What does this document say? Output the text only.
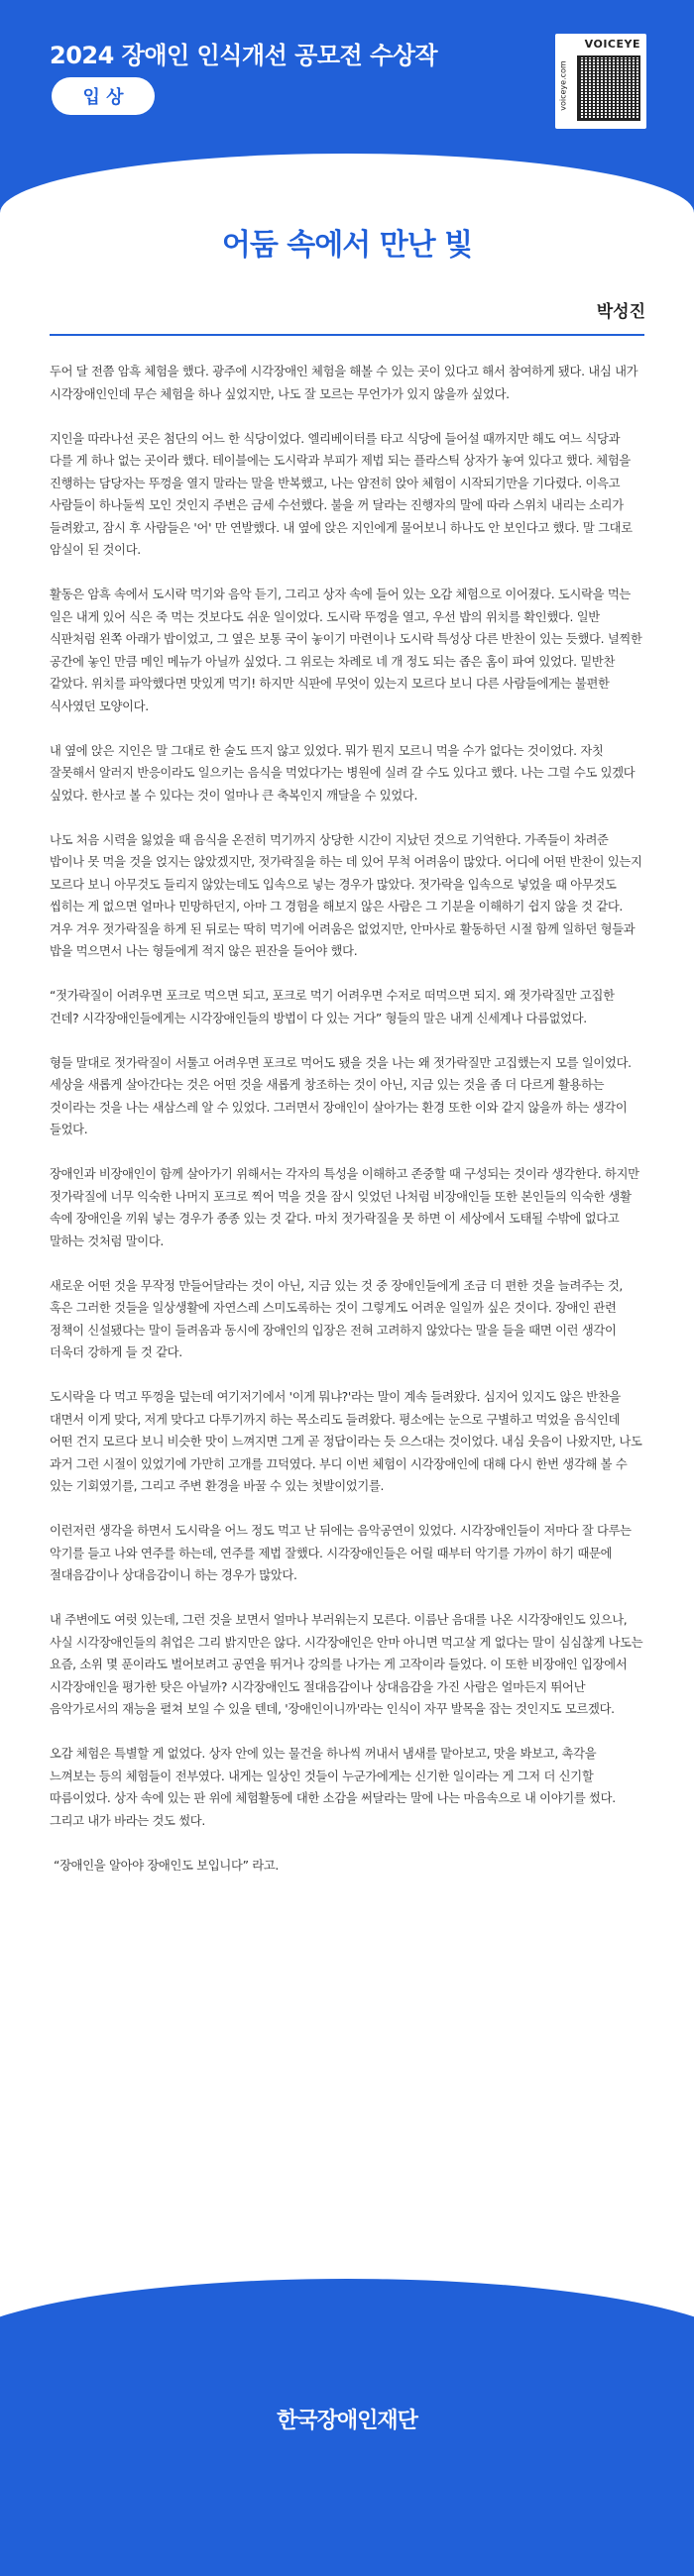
2024 장애인 인식개선 공모전 수상작
입 상
VOICEYE
voiceye.com
어둠 속에서 만난 빛
박성진

두어 달 전쯤 암흑 체험을 했다. 광주에 시각장애인 체험을 해볼 수 있는 곳이 있다고 해서 참여하게 됐다. 내심 내가 시각장애인인데 무슨 체험을 하나 싶었지만, 나도 잘 모르는 무언가가 있지 않을까 싶었다.

지인을 따라나선 곳은 첨단의 어느 한 식당이었다. 엘리베이터를 타고 식당에 들어설 때까지만 해도 여느 식당과 다를 게 하나 없는 곳이라 했다. 테이블에는 도시락과 부피가 제법 되는 플라스틱 상자가 놓여 있다고 했다. 체험을 진행하는 담당자는 뚜껑을 열지 말라는 말을 반복했고, 나는 얌전히 앉아 체험이 시작되기만을 기다렸다. 이윽고 사람들이 하나둘씩 모인 것인지 주변은 금세 수선했다. 불을 꺼 달라는 진행자의 말에 따라 스위치 내리는 소리가 들려왔고, 잠시 후 사람들은 '어' 만 연발했다. 내 옆에 앉은 지인에게 물어보니 하나도 안 보인다고 했다. 말 그대로 암실이 된 것이다.

활동은 암흑 속에서 도시락 먹기와 음악 듣기, 그리고 상자 속에 들어 있는 오감 체험으로 이어졌다. 도시락을 먹는 일은 내게 있어 식은 죽 먹는 것보다도 쉬운 일이었다. 도시락 뚜껑을 열고, 우선 밥의 위치를 확인했다. 일반 식판처럼 왼쪽 아래가 밥이었고, 그 옆은 보통 국이 놓이기 마련이나 도시락 특성상 다른 반찬이 있는 듯했다. 널찍한 공간에 놓인 만큼 메인 메뉴가 아닐까 싶었다. 그 위로는 차례로 네 개 정도 되는 좁은 홈이 파여 있었다. 밑반찬 같았다. 위치를 파악했다면 맛있게 먹기! 하지만 식판에 무엇이 있는지 모르다 보니 다른 사람들에게는 불편한 식사였던 모양이다.

내 옆에 앉은 지인은 말 그대로 한 술도 뜨지 않고 있었다. 뭐가 뭔지 모르니 먹을 수가 없다는 것이었다. 자칫 잘못해서 알러지 반응이라도 일으키는 음식을 먹었다가는 병원에 실려 갈 수도 있다고 했다. 나는 그럴 수도 있겠다 싶었다. 한사코 볼 수 있다는 것이 얼마나 큰 축복인지 깨달을 수 있었다.

나도 처음 시력을 잃었을 때 음식을 온전히 먹기까지 상당한 시간이 지났던 것으로 기억한다. 가족들이 차려준 밥이나 못 먹을 것을 얹지는 않았겠지만, 젓가락질을 하는 데 있어 무척 어려움이 많았다. 어디에 어떤 반찬이 있는지 모르다 보니 아무것도 들리지 않았는데도 입속으로 넣는 경우가 많았다. 젓가락을 입속으로 넣었을 때 아무것도 씹히는 게 없으면 얼마나 민망하던지, 아마 그 경험을 해보지 않은 사람은 그 기분을 이해하기 쉽지 않을 것 같다. 겨우 겨우 젓가락질을 하게 된 뒤로는 딱히 먹기에 어려움은 없었지만, 안마사로 활동하던 시절 함께 일하던 형들과 밥을 먹으면서 나는 형들에게 적지 않은 핀잔을 들어야 했다.

“젓가락질이 어려우면 포크로 먹으면 되고, 포크로 먹기 어려우면 수저로 떠먹으면 되지. 왜 젓가락질만 고집한 건데? 시각장애인들에게는 시각장애인들의 방법이 다 있는 거다” 형들의 말은 내게 신세계나 다름없었다.

형들 말대로 젓가락질이 서툴고 어려우면 포크로 먹어도 됐을 것을 나는 왜 젓가락질만 고집했는지 모를 일이었다. 세상을 새롭게 살아간다는 것은 어떤 것을 새롭게 창조하는 것이 아닌, 지금 있는 것을 좀 더 다르게 활용하는 것이라는 것을 나는 새삼스레 알 수 있었다. 그러면서 장애인이 살아가는 환경 또한 이와 같지 않을까 하는 생각이 들었다.

장애인과 비장애인이 함께 살아가기 위해서는 각자의 특성을 이해하고 존중할 때 구성되는 것이라 생각한다. 하지만 젓가락질에 너무 익숙한 나머지 포크로 찍어 먹을 것을 잠시 잊었던 나처럼 비장애인들 또한 본인들의 익숙한 생활 속에 장애인을 끼워 넣는 경우가 종종 있는 것 같다. 마치 젓가락질을 못 하면 이 세상에서 도태될 수밖에 없다고 말하는 것처럼 말이다.

새로운 어떤 것을 무작정 만들어달라는 것이 아닌, 지금 있는 것 중 장애인들에게 조금 더 편한 것을 늘려주는 것, 혹은 그러한 것들을 일상생활에 자연스레 스미도록하는 것이 그렇게도 어려운 일일까 싶은 것이다. 장애인 관련 정책이 신설됐다는 말이 들려옴과 동시에 장애인의 입장은 전혀 고려하지 않았다는 말을 들을 때면 이런 생각이 더욱더 강하게 들 것 같다.

도시락을 다 먹고 뚜껑을 덮는데 여기저기에서 '이게 뭐냐?'라는 말이 계속 들려왔다. 심지어 있지도 않은 반찬을 대면서 이게 맞다, 저게 맞다고 다투기까지 하는 목소리도 들려왔다. 평소에는 눈으로 구별하고 먹었을 음식인데 어떤 건지 모르다 보니 비슷한 맛이 느껴지면 그게 곧 정답이라는 듯 으스대는 것이었다. 내심 웃음이 나왔지만, 나도 과거 그런 시절이 있었기에 가만히 고개를 끄덕였다. 부디 이번 체험이 시각장애인에 대해 다시 한번 생각해 볼 수 있는 기회였기를, 그리고 주변 환경을 바꿀 수 있는 첫발이었기를.

이런저런 생각을 하면서 도시락을 어느 정도 먹고 난 뒤에는 음악공연이 있었다. 시각장애인들이 저마다 잘 다루는 악기를 들고 나와 연주를 하는데, 연주를 제법 잘했다. 시각장애인들은 어릴 때부터 악기를 가까이 하기 때문에 절대음감이나 상대음감이니 하는 경우가 많았다.

내 주변에도 여럿 있는데, 그런 것을 보면서 얼마나 부러워는지 모른다. 이름난 음대를 나온 시각장애인도 있으나, 사실 시각장애인들의 취업은 그리 밝지만은 않다. 시각장애인은 안마 아니면 먹고살 게 없다는 말이 심심찮게 나도는 요즘, 소위 몇 푼이라도 벌어보려고 공연을 뛰거나 강의를 나가는 게 고작이라 들었다. 이 또한 비장애인 입장에서 시각장애인을 평가한 탓은 아닐까? 시각장애인도 절대음감이나 상대음감을 가진 사람은 얼마든지 뛰어난 음악가로서의 재능을 펼쳐 보일 수 있을 텐데, '장애인이니까'라는 인식이 자꾸 발목을 잡는 것인지도 모르겠다.

오감 체험은 특별할 게 없었다. 상자 안에 있는 물건을 하나씩 꺼내서 냄새를 맡아보고, 맛을 봐보고, 촉각을 느껴보는 등의 체험들이 전부였다. 내게는 일상인 것들이 누군가에게는 신기한 일이라는 게 그저 더 신기할 따름이었다. 상자 속에 있는 판 위에 체험활동에 대한 소감을 써달라는 말에 나는 마음속으로 내 이야기를 썼다. 그리고 내가 바라는 것도 썼다.

“장애인을 알아야 장애인도 보입니다” 라고.

한국장애인재단
